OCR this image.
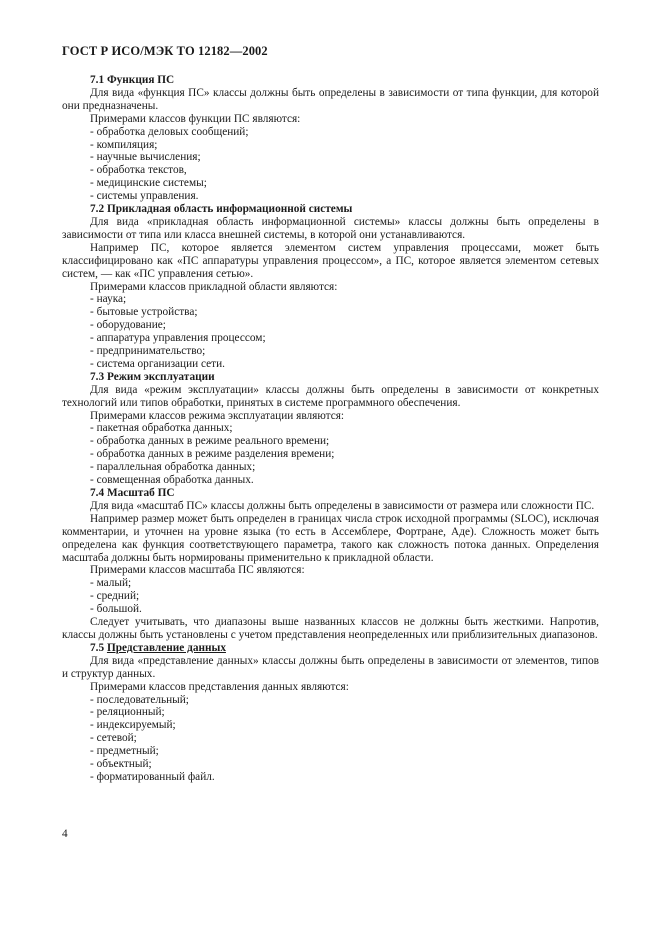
ГОСТ Р ИСО/МЭК ТО 12182—2002

7.1 Функция ПС

Для вида «функция ПС» классы должны быть определены в зависимости от типа функции, для которой они предназначены.

Примерами классов функции ПС являются:

- обработка деловых сообщений;

- компиляция;

- научные вычисления;

- обработка текстов,

- медицинские системы;

- системы управления.

7.2 Прикладная область информационной системы

Для вида «прикладная область информационной системы» классы должны быть определены в зависимости от типа или класса внешней системы, в которой они устанавливаются.

Например ПС, которое является элементом систем управления процессами, может быть классифицировано как «ПС аппаратуры управления процессом», а ПС, которое является элементом сетевых систем, — как «ПС управления сетью».

Примерами классов прикладной области являются:

- наука;

- бытовые устройства;

- оборудование;

- аппаратура управления процессом;

- предпринимательство;

- система организации сети.

7.3 Режим эксплуатации

Для вида «режим эксплуатации» классы должны быть определены в зависимости от конкретных технологий или типов обработки, принятых в системе программного обеспечения.

Примерами классов режима эксплуатации являются:

- пакетная обработка данных;

- обработка данных в режиме реального времени;

- обработка данных в режиме разделения времени;

- параллельная обработка данных;

- совмещенная обработка данных.

7.4 Масштаб ПС

Для вида «масштаб ПС» классы должны быть определены в зависимости от размера или сложности ПС.

Например размер может быть определен в границах числа строк исходной программы (SLOC), исключая комментарии, и уточнен на уровне языка (то есть в Ассемблере, Фортране, Аде). Сложность может быть определена как функция соответствующего параметра, такого как сложность потока данных. Определения масштаба должны быть нормированы применительно к прикладной области.

Примерами классов масштаба ПС являются:

- малый;

- средний;

- большой.

Следует учитывать, что диапазоны выше названных классов не должны быть жесткими. Напротив, классы должны быть установлены с учетом представления неопределенных или приблизительных диапазонов.

7.5 Представление данных

Для вида «представление данных» классы должны быть определены в зависимости от элементов, типов и структур данных.

Примерами классов представления данных являются:

- последовательный;

- реляционный;

- индексируемый;

- сетевой;

- предметный;

- объектный;

- форматированный файл.

4
